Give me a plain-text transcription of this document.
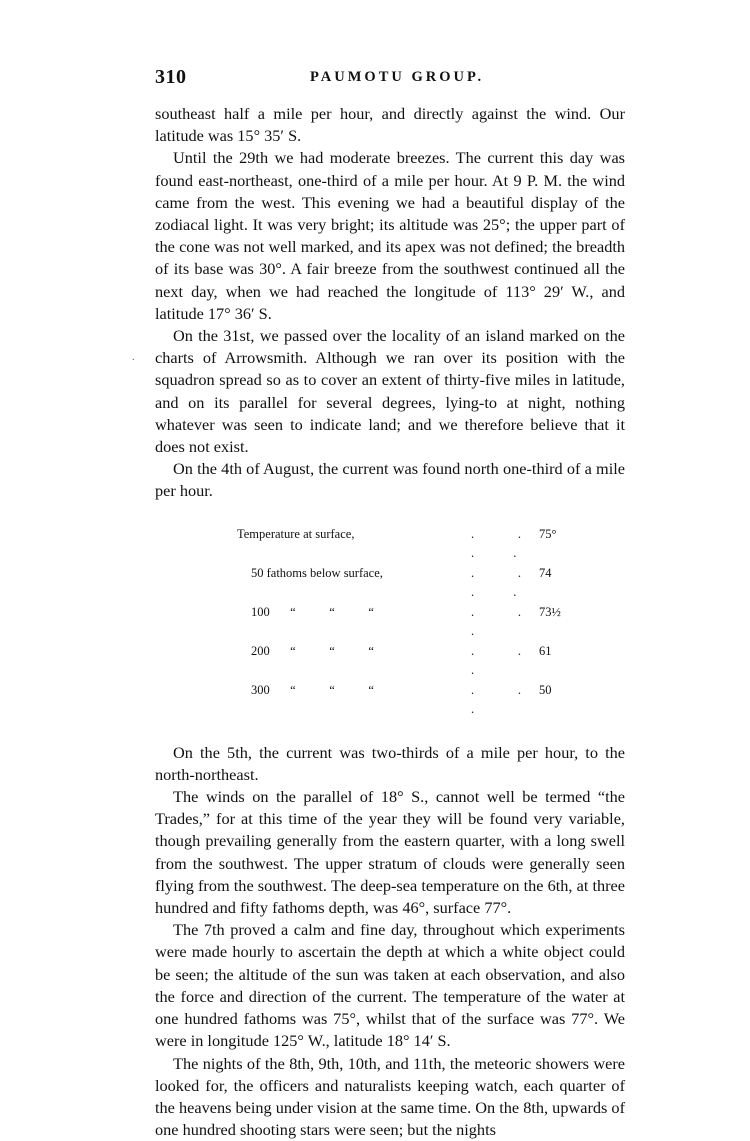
310	PAUMOTU GROUP.
.

southeast half a mile per hour, and directly against the wind. Our latitude was 15° 35′ S.

Until the 29th we had moderate breezes. The current this day was found east-northeast, one-third of a mile per hour. At 9 P. M. the wind came from the west. This evening we had a beautiful display of the zodiacal light. It was very bright; its altitude was 25°; the upper part of the cone was not well marked, and its apex was not defined; the breadth of its base was 30°. A fair breeze from the southwest continued all the next day, when we had reached the longitude of 113° 29′ W., and latitude 17° 36′ S.

On the 31st, we passed over the locality of an island marked on the charts of Arrowsmith. Although we ran over its position with the squadron spread so as to cover an extent of thirty-five miles in latitude, and on its parallel for several degrees, lying-to at night, nothing whatever was seen to indicate land; and we therefore believe that it does not exist.

On the 4th of August, the current was found north one-third of a mile per hour.

Temperature at surface,	. . . .	75°
50 fathoms below surface,	. . . .	74
100 “ “ “	. . .	73½
200 “ “ “	. . .	61
300 “ “ “	. . .	50

On the 5th, the current was two-thirds of a mile per hour, to the north-northeast.

The winds on the parallel of 18° S., cannot well be termed “the Trades,” for at this time of the year they will be found very variable, though prevailing generally from the eastern quarter, with a long swell from the southwest. The upper stratum of clouds were generally seen flying from the southwest. The deep-sea temperature on the 6th, at three hundred and fifty fathoms depth, was 46°, surface 77°.

The 7th proved a calm and fine day, throughout which experiments were made hourly to ascertain the depth at which a white object could be seen; the altitude of the sun was taken at each observation, and also the force and direction of the current. The temperature of the water at one hundred fathoms was 75°, whilst that of the surface was 77°. We were in longitude 125° W., latitude 18° 14′ S.

The nights of the 8th, 9th, 10th, and 11th, the meteoric showers were looked for, the officers and naturalists keeping watch, each quarter of the heavens being under vision at the same time. On the 8th, upwards of one hundred shooting stars were seen; but the nights
